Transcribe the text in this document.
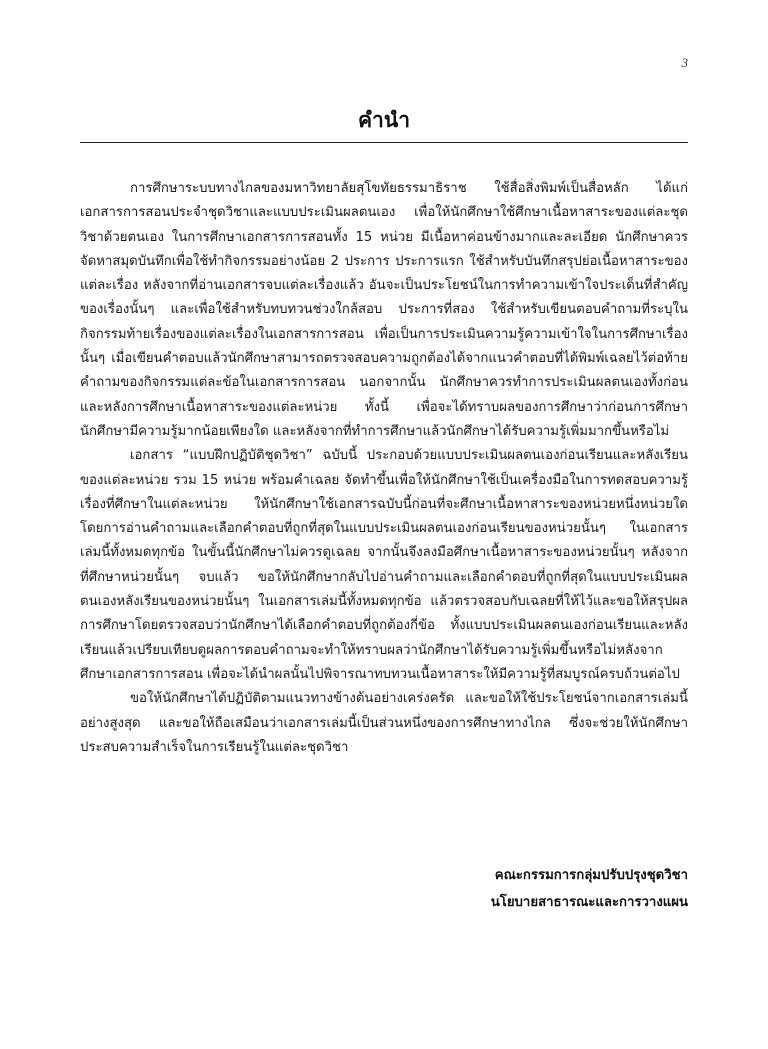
3
คำนำ

การศึกษาระบบทางไกลของมหาวิทยาลัยสุโขทัยธรรมาธิราช ใช้สื่อสิ่งพิมพ์เป็นสื่อหลัก ได้แก่ เอกสารการสอนประจำชุดวิชาและแบบประเมินผลตนเอง เพื่อให้นักศึกษาใช้ศึกษาเนื้อหาสาระของแต่ละชุดวิชาด้วยตนเอง ในการศึกษาเอกสารการสอนทั้ง 15 หน่วย มีเนื้อหาค่อนข้างมากและละเอียด นักศึกษาควรจัดหาสมุดบันทึกเพื่อใช้ทำกิจกรรมอย่างน้อย 2 ประการ ประการแรก ใช้สำหรับบันทึกสรุปย่อเนื้อหาสาระของแต่ละเรื่อง หลังจากที่อ่านเอกสารจบแต่ละเรื่องแล้ว อันจะเป็นประโยชน์ในการทำความเข้าใจประเด็นที่สำคัญของเรื่องนั้นๆ และเพื่อใช้สำหรับทบทวนช่วงใกล้สอบ ประการที่สอง ใช้สำหรับเขียนตอบคำถามที่ระบุในกิจกรรมท้ายเรื่องของแต่ละเรื่องในเอกสารการสอน เพื่อเป็นการประเมินความรู้ความเข้าใจในการศึกษาเรื่องนั้นๆ เมื่อเขียนคำตอบแล้วนักศึกษาสามารถตรวจสอบความถูกต้องได้จากแนวคำตอบที่ได้พิมพ์เฉลยไว้ต่อท้ายคำถามของกิจกรรมแต่ละข้อในเอกสารการสอน นอกจากนั้น นักศึกษาควรทำการประเมินผลตนเองทั้งก่อนและหลังการศึกษาเนื้อหาสาระของแต่ละหน่วย ทั้งนี้ เพื่อจะได้ทราบผลของการศึกษาว่าก่อนการศึกษานักศึกษามีความรู้มากน้อยเพียงใด และหลังจากที่ทำการศึกษาแล้วนักศึกษาได้รับความรู้เพิ่มมากขึ้นหรือไม่

เอกสาร “แบบฝึกปฏิบัติชุดวิชา” ฉบับนี้ ประกอบด้วยแบบประเมินผลตนเองก่อนเรียนและหลังเรียนของแต่ละหน่วย รวม 15 หน่วย พร้อมคำเฉลย จัดทำขึ้นเพื่อให้นักศึกษาใช้เป็นเครื่องมือในการทดสอบความรู้เรื่องที่ศึกษาในแต่ละหน่วย ให้นักศึกษาใช้เอกสารฉบับนี้ก่อนที่จะศึกษาเนื้อหาสาระของหน่วยหนึ่งหน่วยใด โดยการอ่านคำถามและเลือกคำตอบที่ถูกที่สุดในแบบประเมินผลตนเองก่อนเรียนของหน่วยนั้นๆ ในเอกสารเล่มนี้ทั้งหมดทุกข้อ ในขั้นนี้นักศึกษาไม่ควรดูเฉลย จากนั้นจึงลงมือศึกษาเนื้อหาสาระของหน่วยนั้นๆ หลังจากที่ศึกษาหน่วยนั้นๆ จบแล้ว ขอให้นักศึกษากลับไปอ่านคำถามและเลือกคำตอบที่ถูกที่สุดในแบบประเมินผลตนเองหลังเรียนของหน่วยนั้นๆ ในเอกสารเล่มนี้ทั้งหมดทุกข้อ แล้วตรวจสอบกับเฉลยที่ให้ไว้และขอให้สรุปผลการศึกษาโดยตรวจสอบว่านักศึกษาได้เลือกคำตอบที่ถูกต้องกี่ข้อ ทั้งแบบประเมินผลตนเองก่อนเรียนและหลังเรียนแล้วเปรียบเทียบดูผลการตอบคำถามจะทำให้ทราบผลว่านักศึกษาได้รับความรู้เพิ่มขึ้นหรือไม่หลังจากศึกษาเอกสารการสอน เพื่อจะได้นำผลนั้นไปพิจารณาทบทวนเนื้อหาสาระให้มีความรู้ที่สมบูรณ์ครบถ้วนต่อไป

ขอให้นักศึกษาได้ปฏิบัติตามแนวทางข้างต้นอย่างเคร่งครัด และขอให้ใช้ประโยชน์จากเอกสารเล่มนี้อย่างสูงสุด และขอให้ถือเสมือนว่าเอกสารเล่มนี้เป็นส่วนหนึ่งของการศึกษาทางไกล ซึ่งจะช่วยให้นักศึกษาประสบความสำเร็จในการเรียนรู้ในแต่ละชุดวิชา

คณะกรรมการกลุ่มปรับปรุงชุดวิชา
นโยบายสาธารณะและการวางแผน
